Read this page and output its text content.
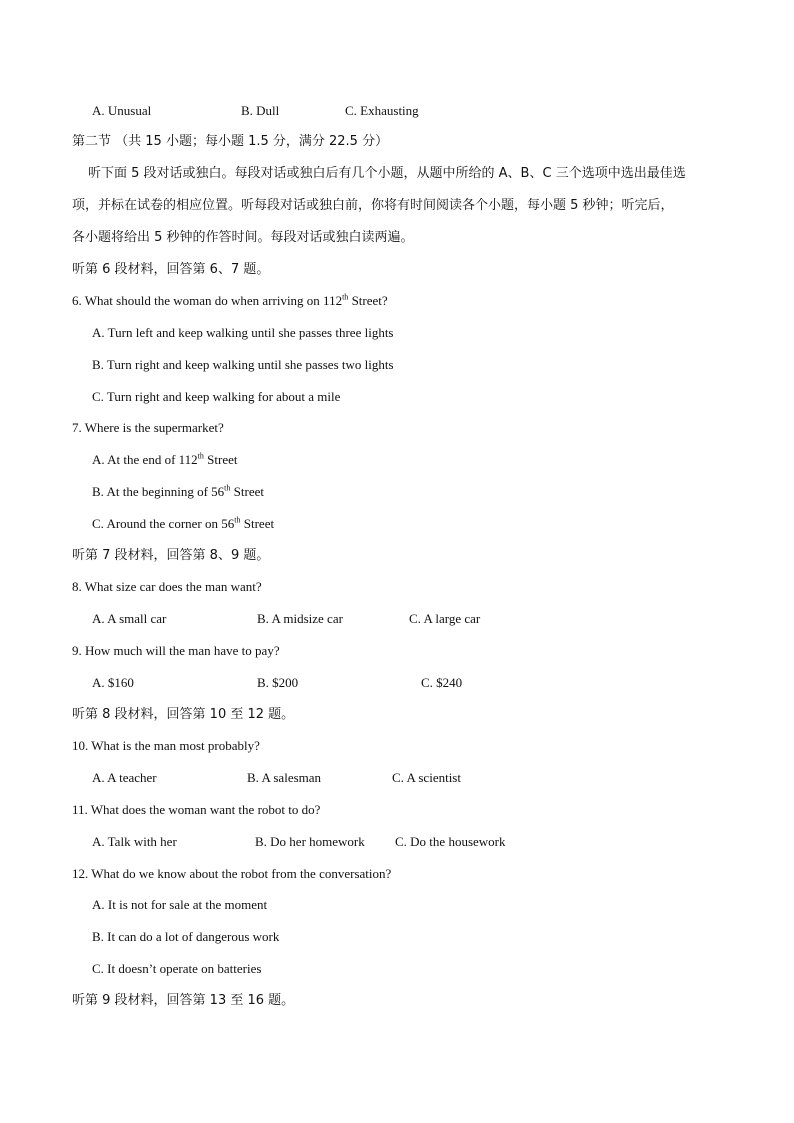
A. Unusual	B. Dull	C. Exhausting
第二节 （共 15 小题；每小题 1.5 分，满分 22.5 分）
听下面 5 段对话或独白。每段对话或独白后有几个小题，从题中所给的 A、B、C 三个选项中选出最佳选
项，并标在试卷的相应位置。听每段对话或独白前，你将有时间阅读各个小题，每小题 5 秒钟；听完后，
各小题将给出 5 秒钟的作答时间。每段对话或独白读两遍。
听第 6 段材料，回答第 6、7 题。
6. What should the woman do when arriving on 112th Street?
A. Turn left and keep walking until she passes three lights
B. Turn right and keep walking until she passes two lights
C. Turn right and keep walking for about a mile
7. Where is the supermarket?
A. At the end of 112th Street
B. At the beginning of 56th Street
C. Around the corner on 56th Street
听第 7 段材料，回答第 8、9 题。
8. What size car does the man want?
A. A small car	B. A midsize car	C. A large car
9. How much will the man have to pay?
A. $160	B. $200	C. $240
听第 8 段材料，回答第 10 至 12 题。
10. What is the man most probably?
A. A teacher	B. A salesman	C. A scientist
11. What does the woman want the robot to do?
A. Talk with her	B. Do her homework C. Do the housework
12. What do we know about the robot from the conversation?
A. It is not for sale at the moment
B. It can do a lot of dangerous work
C. It doesn’t operate on batteries
听第 9 段材料，回答第 13 至 16 题。
